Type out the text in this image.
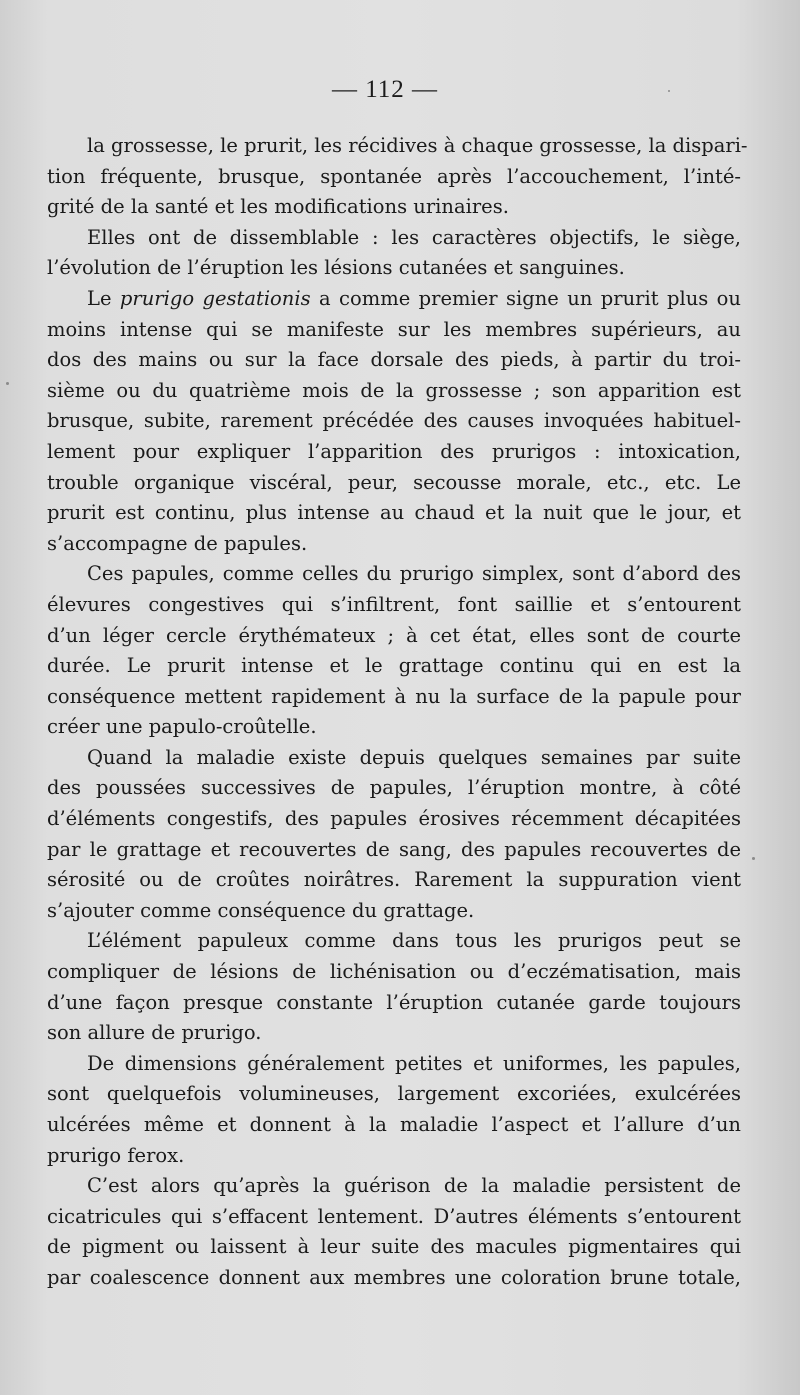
— 112 —

la grossesse, le prurit, les récidives à chaque grossesse, la dispari-
tion fréquente, brusque, spontanée après l’accouchement, l’inté-
grité de la santé et les modifications urinaires.

Elles ont de dissemblable : les caractères objectifs, le siège,
l’évolution de l’éruption les lésions cutanées et sanguines.

Le prurigo gestationis a comme premier signe un prurit plus ou
moins intense qui se manifeste sur les membres supérieurs, au
dos des mains ou sur la face dorsale des pieds, à partir du troi-
sième ou du quatrième mois de la grossesse ; son apparition est
brusque, subite, rarement précédée des causes invoquées habituel-
lement pour expliquer l’apparition des prurigos : intoxication,
trouble organique viscéral, peur, secousse morale, etc., etc. Le
prurit est continu, plus intense au chaud et la nuit que le jour, et
s’accompagne de papules.

Ces papules, comme celles du prurigo simplex, sont d’abord des
élevures congestives qui s’infiltrent, font saillie et s’entourent
d’un léger cercle érythémateux ; à cet état, elles sont de courte
durée. Le prurit intense et le grattage continu qui en est la
conséquence mettent rapidement à nu la surface de la papule pour
créer une papulo-croûtelle.

Quand la maladie existe depuis quelques semaines par suite
des poussées successives de papules, l’éruption montre, à côté
d’éléments congestifs, des papules érosives récemment décapitées
par le grattage et recouvertes de sang, des papules recouvertes de
sérosité ou de croûtes noirâtres. Rarement la suppuration vient
s’ajouter comme conséquence du grattage.

L’élément papuleux comme dans tous les prurigos peut se
compliquer de lésions de lichénisation ou d’eczématisation, mais
d’une façon presque constante l’éruption cutanée garde toujours
son allure de prurigo.

De dimensions généralement petites et uniformes, les papules,
sont quelquefois volumineuses, largement excoriées, exulcérées
ulcérées même et donnent à la maladie l’aspect et l’allure d’un
prurigo ferox.

C’est alors qu’après la guérison de la maladie persistent de
cicatricules qui s’effacent lentement. D’autres éléments s’entourent
de pigment ou laissent à leur suite des macules pigmentaires qui
par coalescence donnent aux membres une coloration brune totale,
